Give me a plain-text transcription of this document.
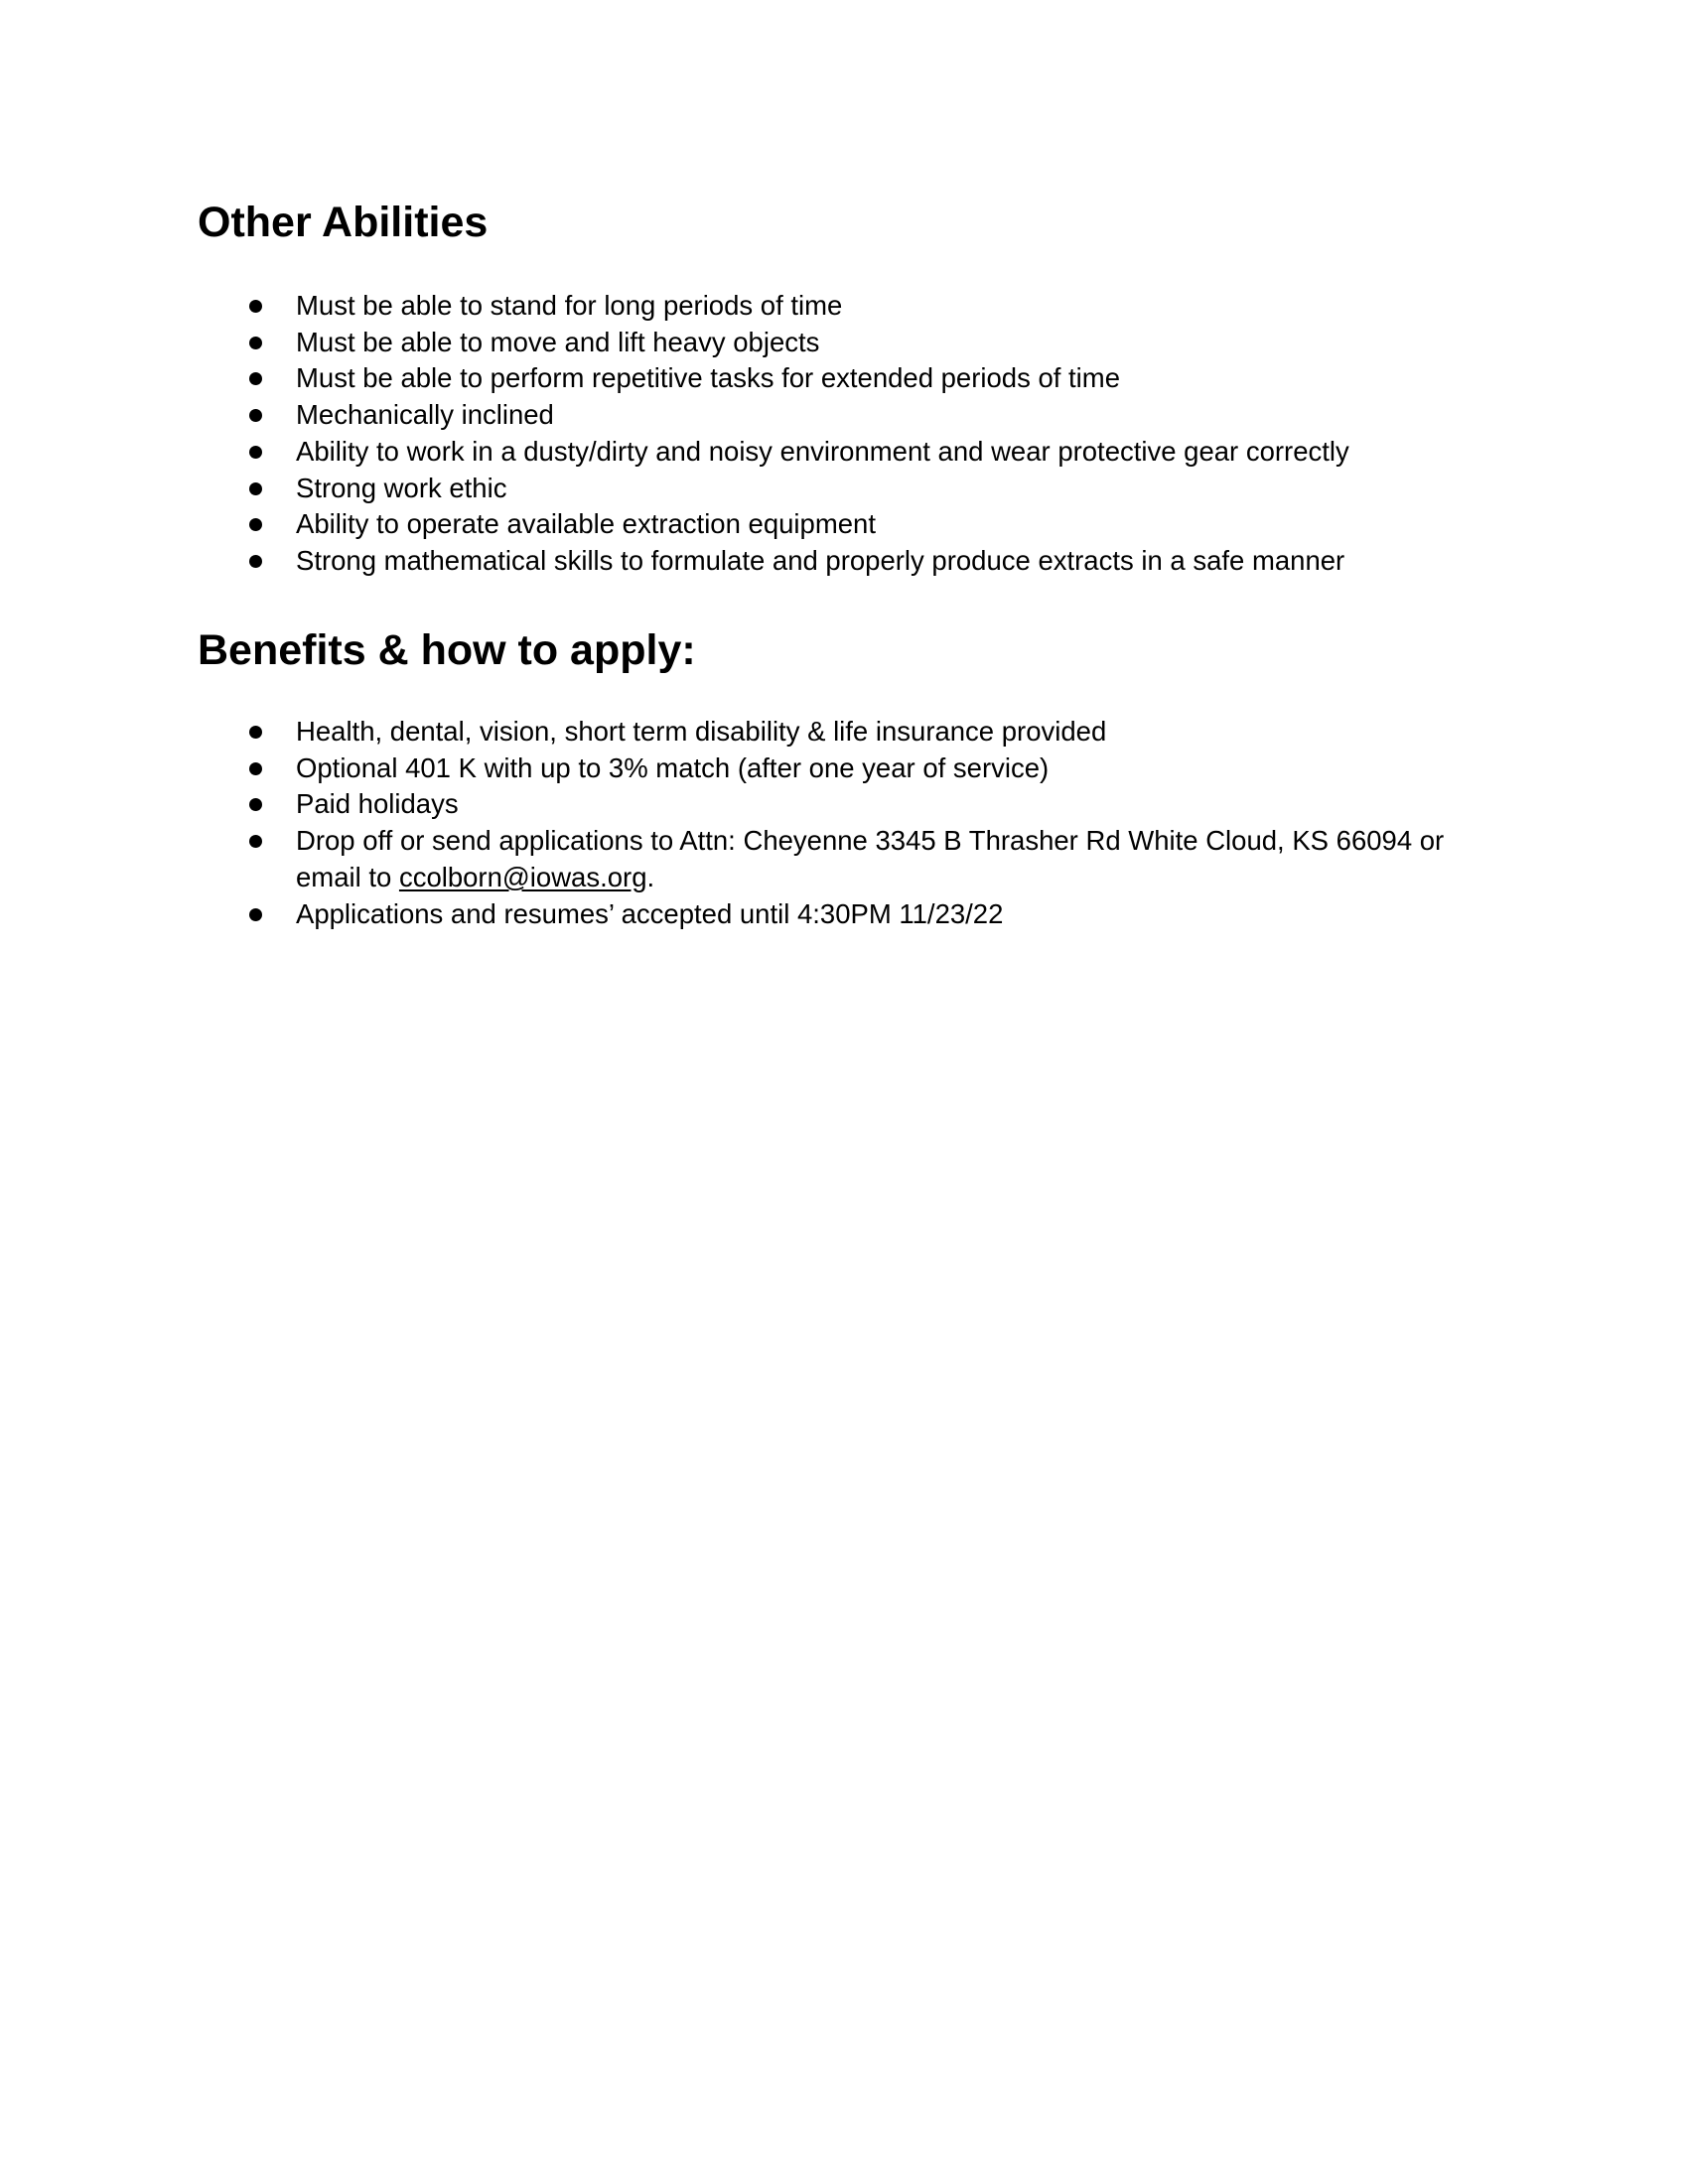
Other Abilities
Must be able to stand for long periods of time
Must be able to move and lift heavy objects
Must be able to perform repetitive tasks for extended periods of time
Mechanically inclined
Ability to work in a dusty/dirty and noisy environment and wear protective gear correctly
Strong work ethic
Ability to operate available extraction equipment
Strong mathematical skills to formulate and properly produce extracts in a safe manner
Benefits & how to apply:
Health, dental, vision, short term disability & life insurance provided
Optional 401 K with up to 3% match (after one year of service)
Paid holidays
Drop off or send applications to Attn: Cheyenne 3345 B Thrasher Rd White Cloud, KS 66094 or email to ccolborn@iowas.org.
Applications and resumes’ accepted until 4:30PM 11/23/22
